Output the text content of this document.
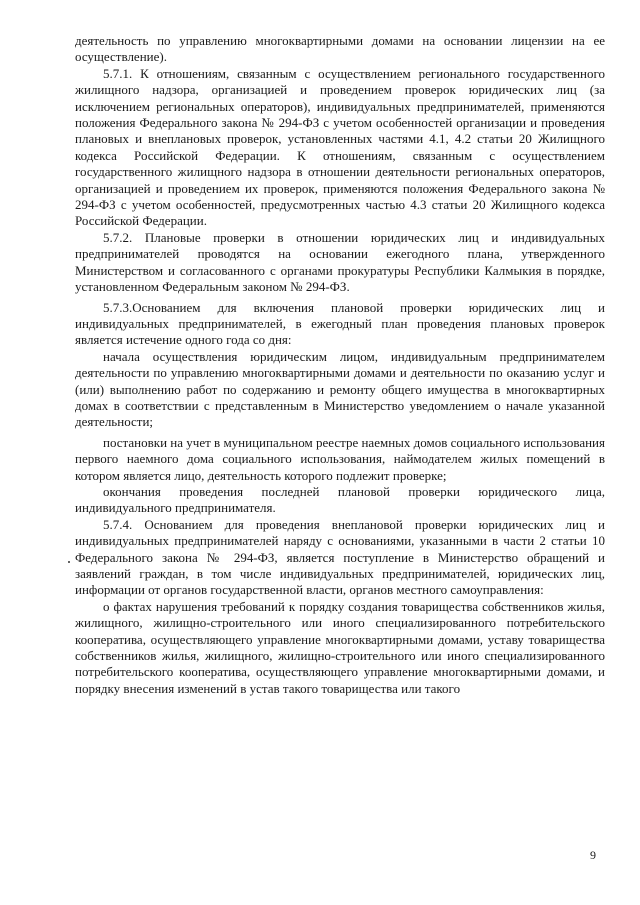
деятельность по управлению многоквартирными домами на основании лицензии на ее осуществление).

5.7.1. К отношениям, связанным с осуществлением регионального государственного жилищного надзора, организацией и проведением проверок юридических лиц (за исключением региональных операторов), индивидуальных предпринимателей, применяются положения Федерального закона № 294-ФЗ с учетом особенностей организации и проведения плановых и внеплановых проверок, установленных частями 4.1, 4.2 статьи 20 Жилищного кодекса Российской Федерации. К отношениям, связанным с осуществлением государственного жилищного надзора в отношении деятельности региональных операторов, организацией и проведением их проверок, применяются положения Федерального закона № 294-ФЗ с учетом особенностей, предусмотренных частью 4.3 статьи 20 Жилищного кодекса Российской Федерации.

5.7.2. Плановые проверки в отношении юридических лиц и индивидуальных предпринимателей проводятся на основании ежегодного плана, утвержденного Министерством и согласованного с органами прокуратуры Республики Калмыкия в порядке, установленном Федеральным законом № 294-ФЗ.

5.7.3.Основанием для включения плановой проверки юридических лиц и индивидуальных предпринимателей, в ежегодный план проведения плановых проверок является истечение одного года со дня:

начала осуществления юридическим лицом, индивидуальным предпринимателем деятельности по управлению многоквартирными домами и деятельности по оказанию услуг и (или) выполнению работ по содержанию и ремонту общего имущества в многоквартирных домах в соответствии с представленным в Министерство уведомлением о начале указанной деятельности;

постановки на учет в муниципальном реестре наемных домов социального использования первого наемного дома социального использования, наймодателем жилых помещений в котором является лицо, деятельность которого подлежит проверке;

окончания проведения последней плановой проверки юридического лица, индивидуального предпринимателя.

5.7.4. Основанием для проведения внеплановой проверки юридических лиц и индивидуальных предпринимателей наряду с основаниями, указанными в части 2 статьи 10 Федерального закона № 294-ФЗ, является поступление в Министерство обращений и заявлений граждан, в том числе индивидуальных предпринимателей, юридических лиц, информации от органов государственной власти, органов местного самоуправления:

о фактах нарушения требований к порядку создания товарищества собственников жилья, жилищного, жилищно-строительного или иного специализированного потребительского кооператива, осуществляющего управление многоквартирными домами, уставу товарищества собственников жилья, жилищного, жилищно-строительного или иного специализированного потребительского кооператива, осуществляющего управление многоквартирными домами, и порядку внесения изменений в устав такого товарищества или такого

9
